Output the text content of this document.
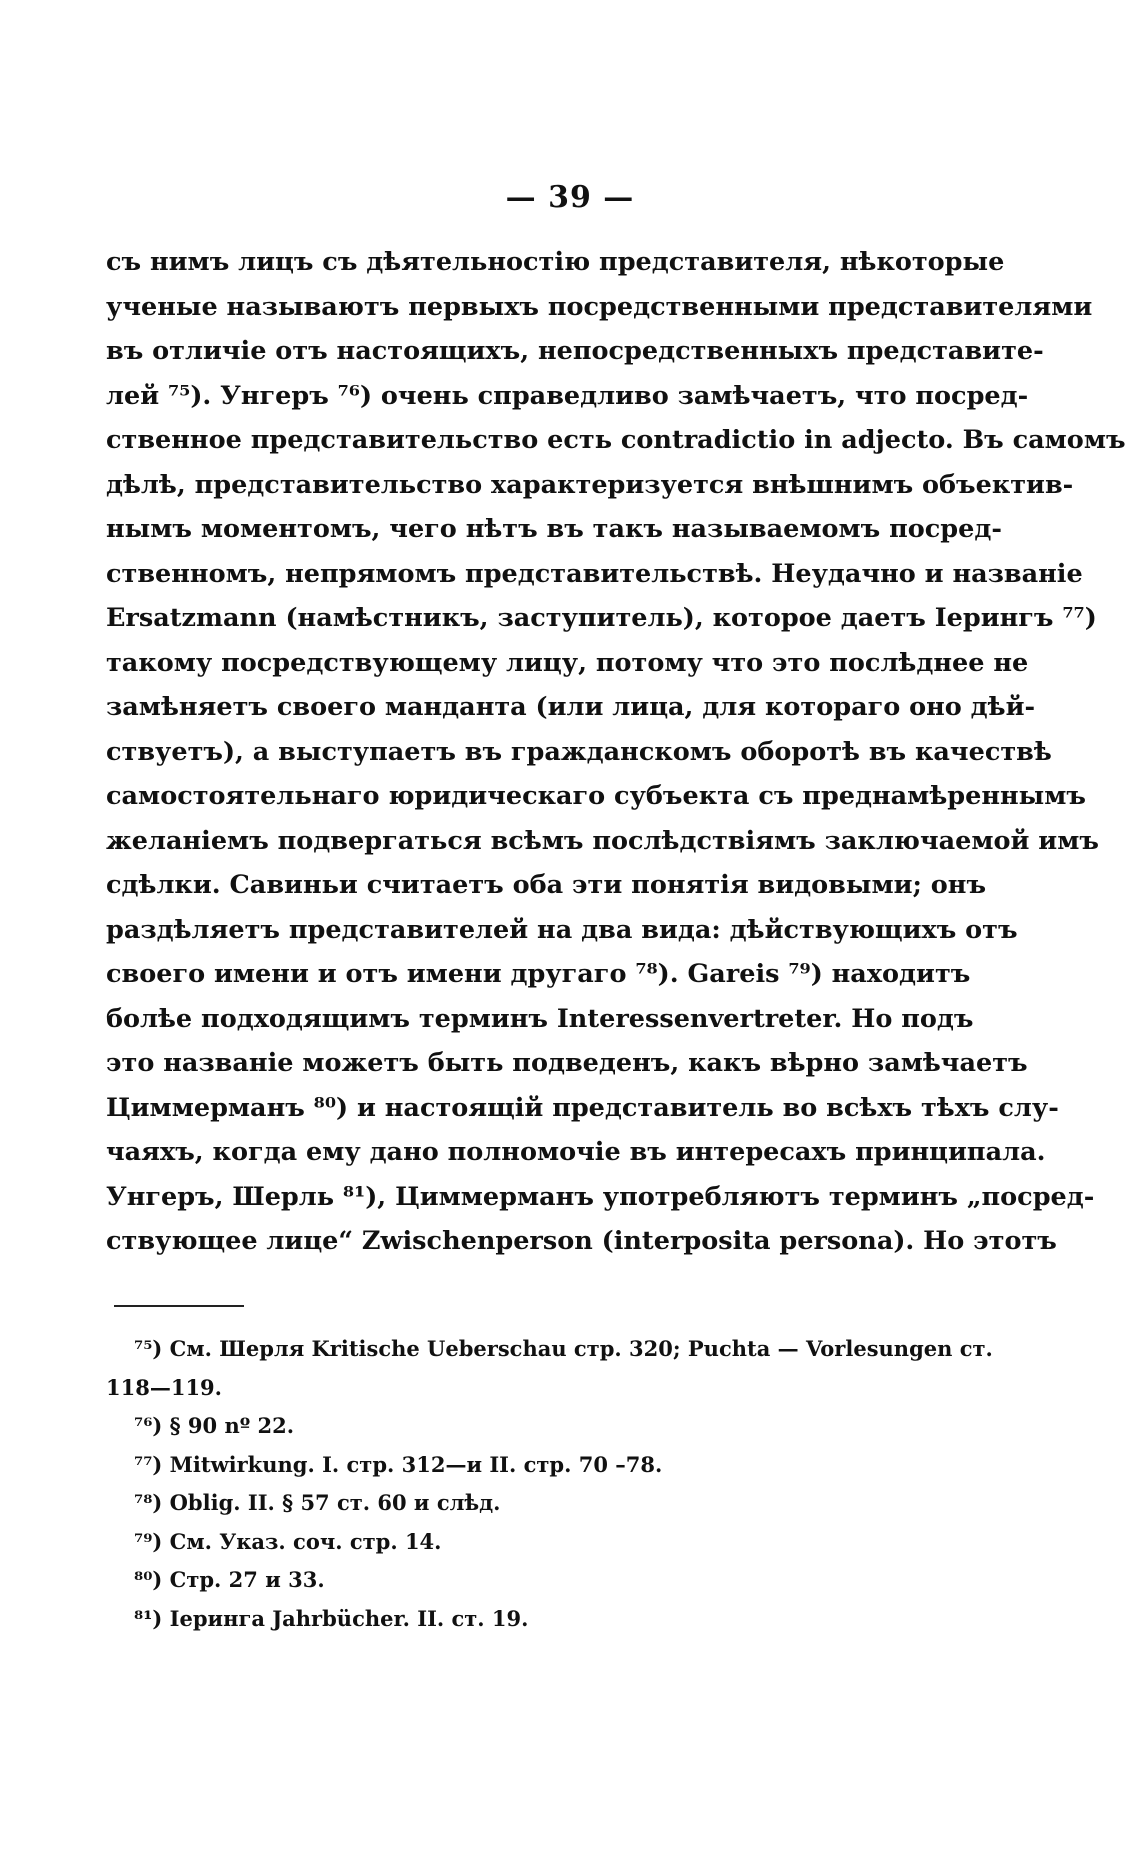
— 39 —
съ нимъ лицъ съ дѣятельностію представителя, нѣкоторые
ученые называютъ первыхъ посредственными представителями
въ отличіе отъ настоящихъ, непосредственныхъ представите-
лей ⁷⁵). Унгеръ ⁷⁶) очень справедливо замѣчаетъ, что посред-
ственное представительство есть contradictio in adjecto. Въ самомъ
дѣлѣ, представительство характеризуется внѣшнимъ объектив-
нымъ моментомъ, чего нѣтъ въ такъ называемомъ посред-
ственномъ, непрямомъ представительствѣ. Неудачно и названіе
Ersatzmann (намѣстникъ, заступитель), которое даетъ Іерингъ ⁷⁷)
такому посредствующему лицу, потому что это послѣднее не
замѣняетъ своего манданта (или лица, для котораго оно дѣй-
ствуетъ), а выступаетъ въ гражданскомъ оборотѣ въ качествѣ
самостоятельнаго юридическаго субъекта съ преднамѣреннымъ
желаніемъ подвергаться всѣмъ послѣдствіямъ заключаемой имъ
сдѣлки. Савиньи считаетъ оба эти понятія видовыми; онъ
раздѣляетъ представителей на два вида: дѣйствующихъ отъ
своего имени и отъ имени другаго ⁷⁸). Gareis ⁷⁹) находитъ
болѣе подходящимъ терминъ Interessenvertreter. Но подъ
это названіе можетъ быть подведенъ, какъ вѣрно замѣчаетъ
Циммерманъ ⁸⁰) и настоящій представитель во всѣхъ тѣхъ слу-
чаяхъ, когда ему дано полномочіе въ интересахъ принципала.
Унгеръ, Шерль ⁸¹), Циммерманъ употребляютъ терминъ „посред-
ствующее лице“ Zwischenperson (interposita persona). Но этотъ
⁷⁵) См. Шерля Kritische Ueberschau стр. 320; Puchta — Vorlesungen ст.
118—119.
⁷⁶) § 90 nº 22.
⁷⁷) Mitwirkung. I. стр. 312—и II. стр. 70 –78.
⁷⁸) Oblig. II. § 57 ст. 60 и слѣд.
⁷⁹) См. Указ. соч. стр. 14.
⁸⁰) Стр. 27 и 33.
⁸¹) Іеринга Jahrbücher. II. ст. 19.
